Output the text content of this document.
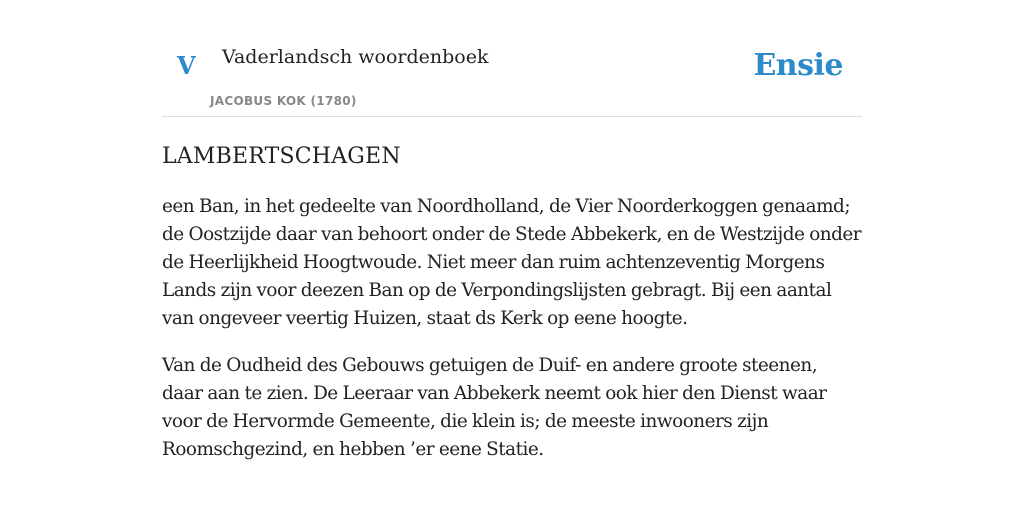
V Vaderlandsch woordenboek
JACOBUS KOK (1780)
Ensie
LAMBERTSCHAGEN

een Ban, in het gedeelte van Noordholland, de Vier Noorderkoggen genaamd; de Oostzijde daar van behoort onder de Stede Abbekerk, en de Westzijde onder de Heerlijkheid Hoogtwoude. Niet meer dan ruim achtenzeventig Morgens Lands zijn voor deezen Ban op de Verpondingslijsten gebragt. Bij een aantal van ongeveer veertig Huizen, staat ds Kerk op eene hoogte.

Van de Oudheid des Gebouws getuigen de Duif- en andere groote steenen, daar aan te zien. De Leeraar van Abbekerk neemt ook hier den Dienst waar voor de Hervormde Gemeente, die klein is; de meeste inwooners zijn Roomschgezind, en hebben ’er eene Statie.
